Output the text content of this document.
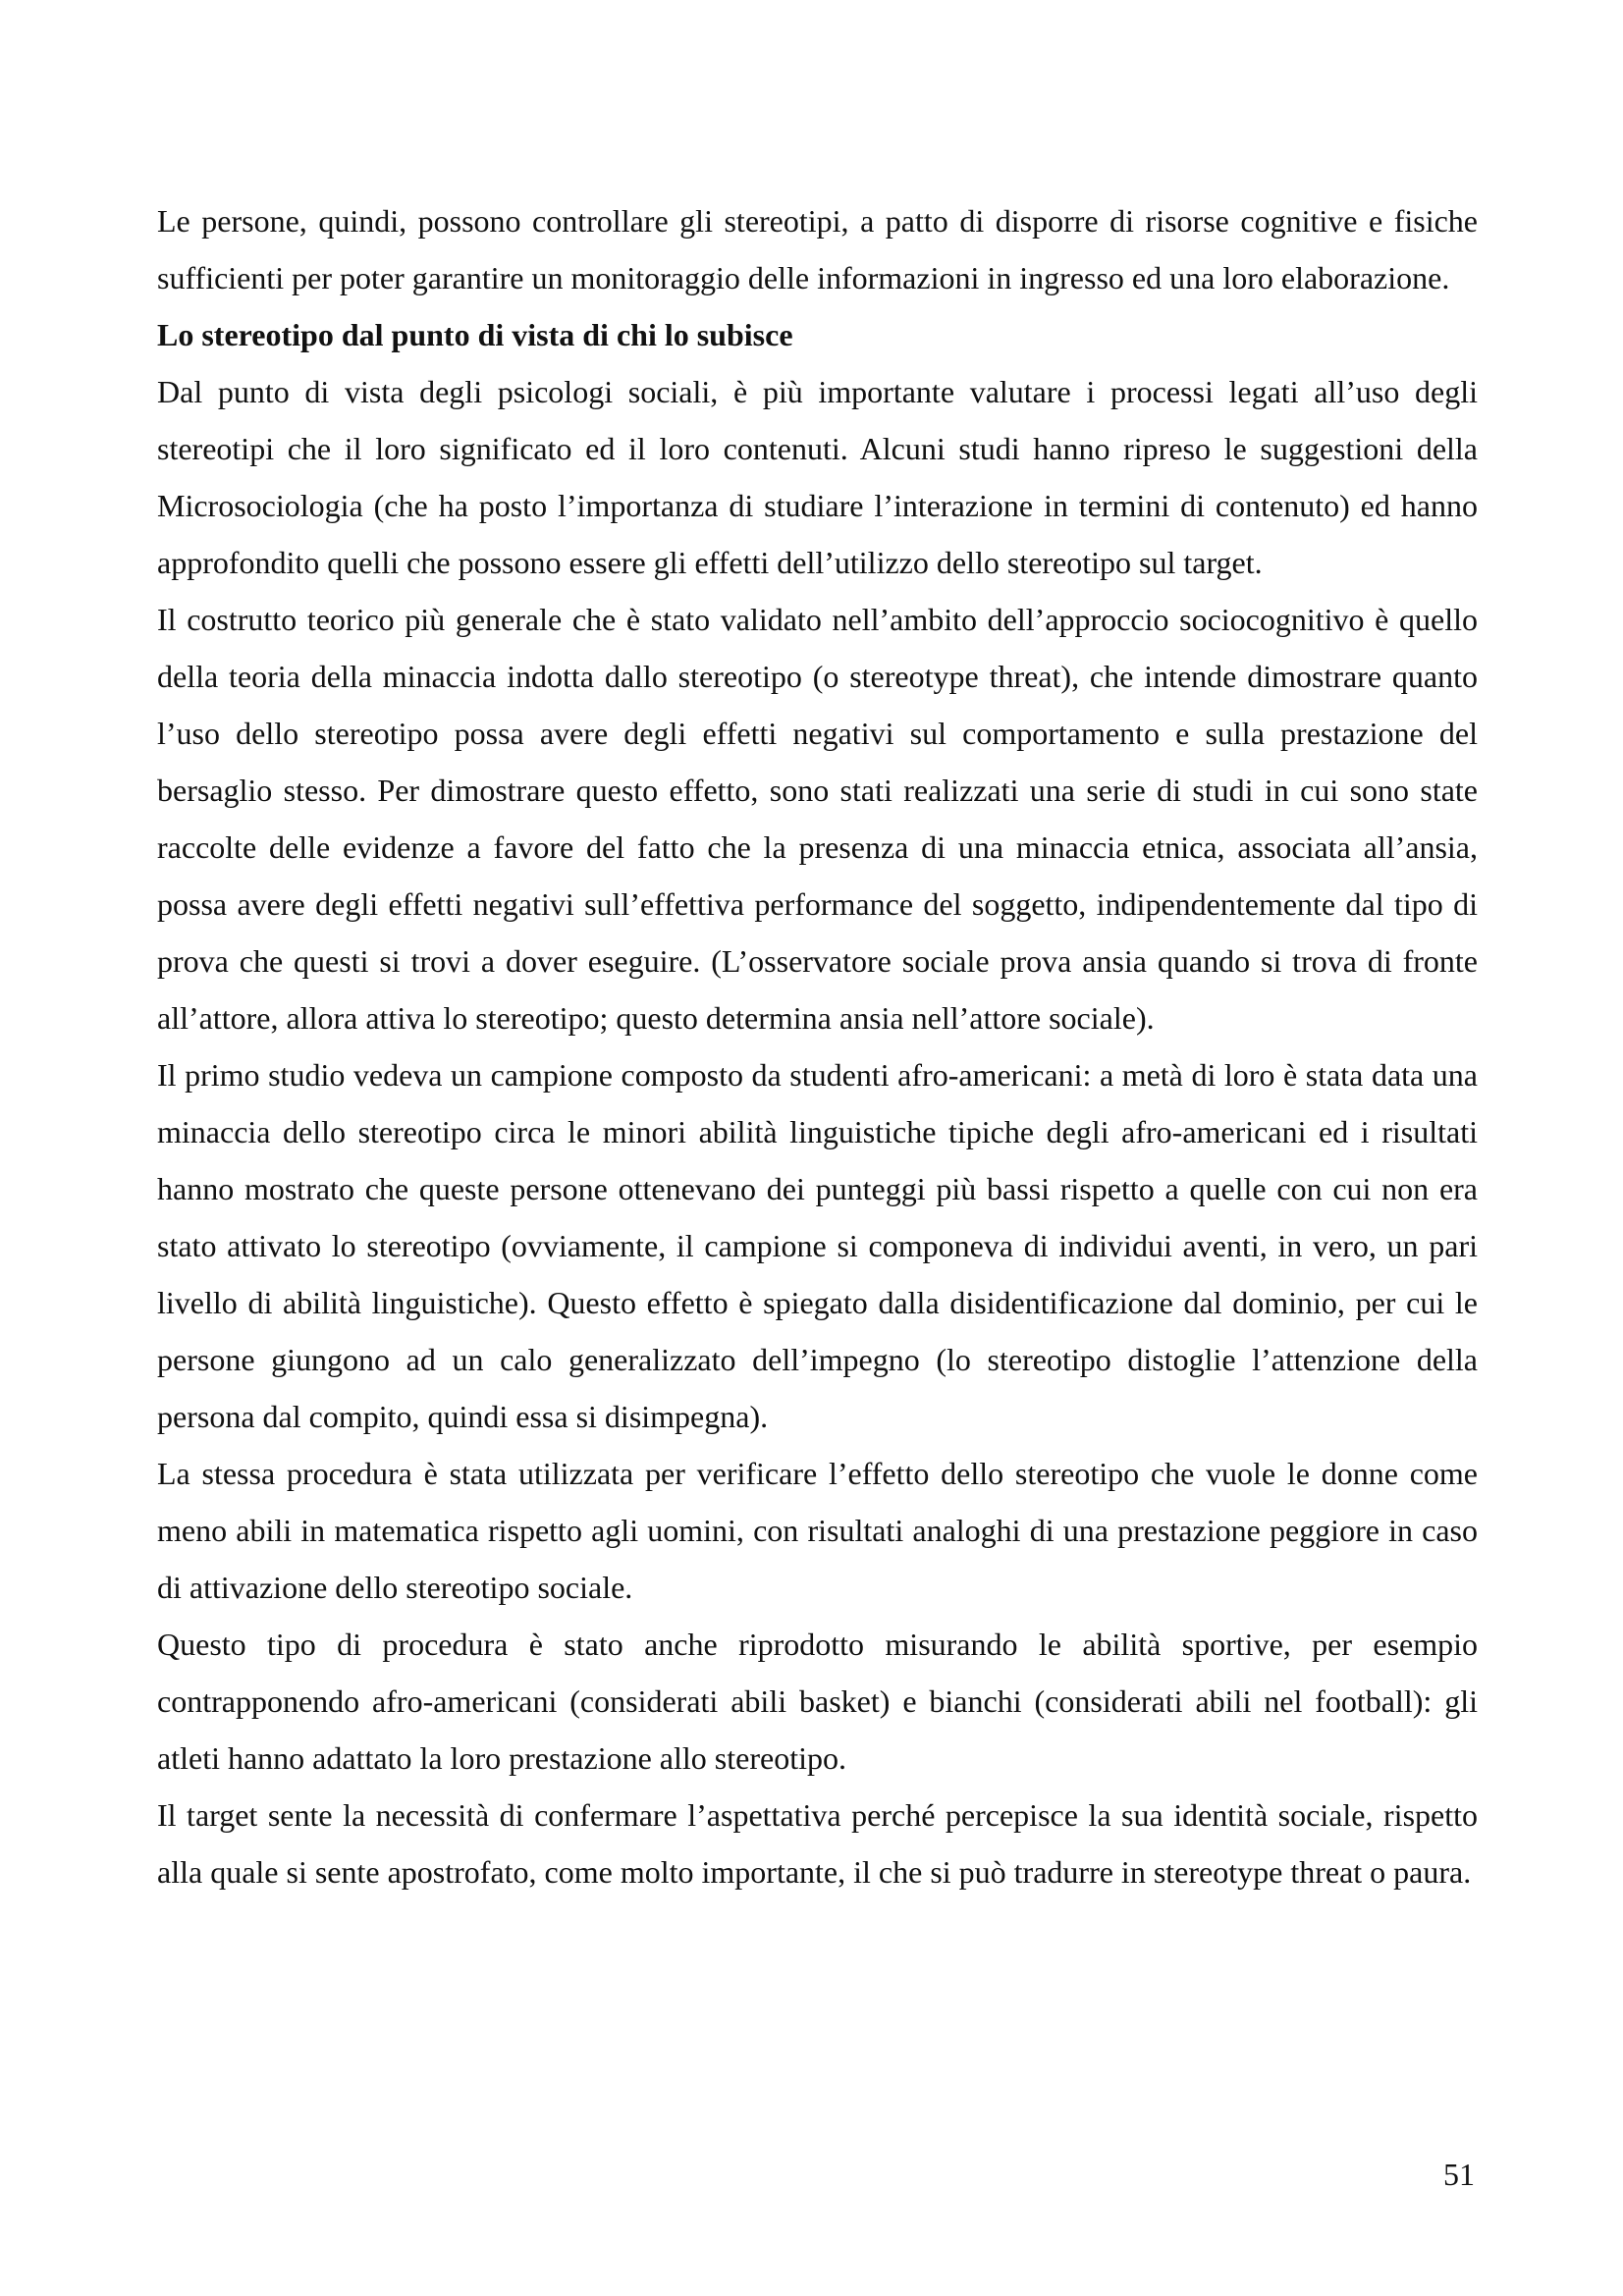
Le persone, quindi, possono controllare gli stereotipi, a patto di disporre di risorse cognitive e fisiche sufficienti per poter garantire un monitoraggio delle informazioni in ingresso ed una loro elaborazione.

Lo stereotipo dal punto di vista di chi lo subisce

Dal punto di vista degli psicologi sociali, è più importante valutare i processi legati all’uso degli stereotipi che il loro significato ed il loro contenuti. Alcuni studi hanno ripreso le suggestioni della Microsociologia (che ha posto l’importanza di studiare l’interazione in termini di contenuto) ed hanno approfondito quelli che possono essere gli effetti dell’utilizzo dello stereotipo sul target.

Il costrutto teorico più generale che è stato validato nell’ambito dell’approccio sociocognitivo è quello della teoria della minaccia indotta dallo stereotipo (o stereotype threat), che intende dimostrare quanto l’uso dello stereotipo possa avere degli effetti negativi sul comportamento e sulla prestazione del bersaglio stesso. Per dimostrare questo effetto, sono stati realizzati una serie di studi in cui sono state raccolte delle evidenze a favore del fatto che la presenza di una minaccia etnica, associata all’ansia, possa avere degli effetti negativi sull’effettiva performance del soggetto, indipendentemente dal tipo di prova che questi si trovi a dover eseguire. (L’osservatore sociale prova ansia quando si trova di fronte all’attore, allora attiva lo stereotipo; questo determina ansia nell’attore sociale).

Il primo studio vedeva un campione composto da studenti afro-americani: a metà di loro è stata data una minaccia dello stereotipo circa le minori abilità linguistiche tipiche degli afro-americani ed i risultati hanno mostrato che queste persone ottenevano dei punteggi più bassi rispetto a quelle con cui non era stato attivato lo stereotipo (ovviamente, il campione si componeva di individui aventi, in vero, un pari livello di abilità linguistiche). Questo effetto è spiegato dalla disidentificazione dal dominio, per cui le persone giungono ad un calo generalizzato dell’impegno (lo stereotipo distoglie l’attenzione della persona dal compito, quindi essa si disimpegna).

La stessa procedura è stata utilizzata per verificare l’effetto dello stereotipo che vuole le donne come meno abili in matematica rispetto agli uomini, con risultati analoghi di una prestazione peggiore in caso di attivazione dello stereotipo sociale.

Questo tipo di procedura è stato anche riprodotto misurando le abilità sportive, per esempio contrapponendo afro-americani (considerati abili basket) e bianchi (considerati abili nel football): gli atleti hanno adattato la loro prestazione allo stereotipo.

Il target sente la necessità di confermare l’aspettativa perché percepisce la sua identità sociale, rispetto alla quale si sente apostrofato, come molto importante, il che si può tradurre in stereotype threat o paura.

51
